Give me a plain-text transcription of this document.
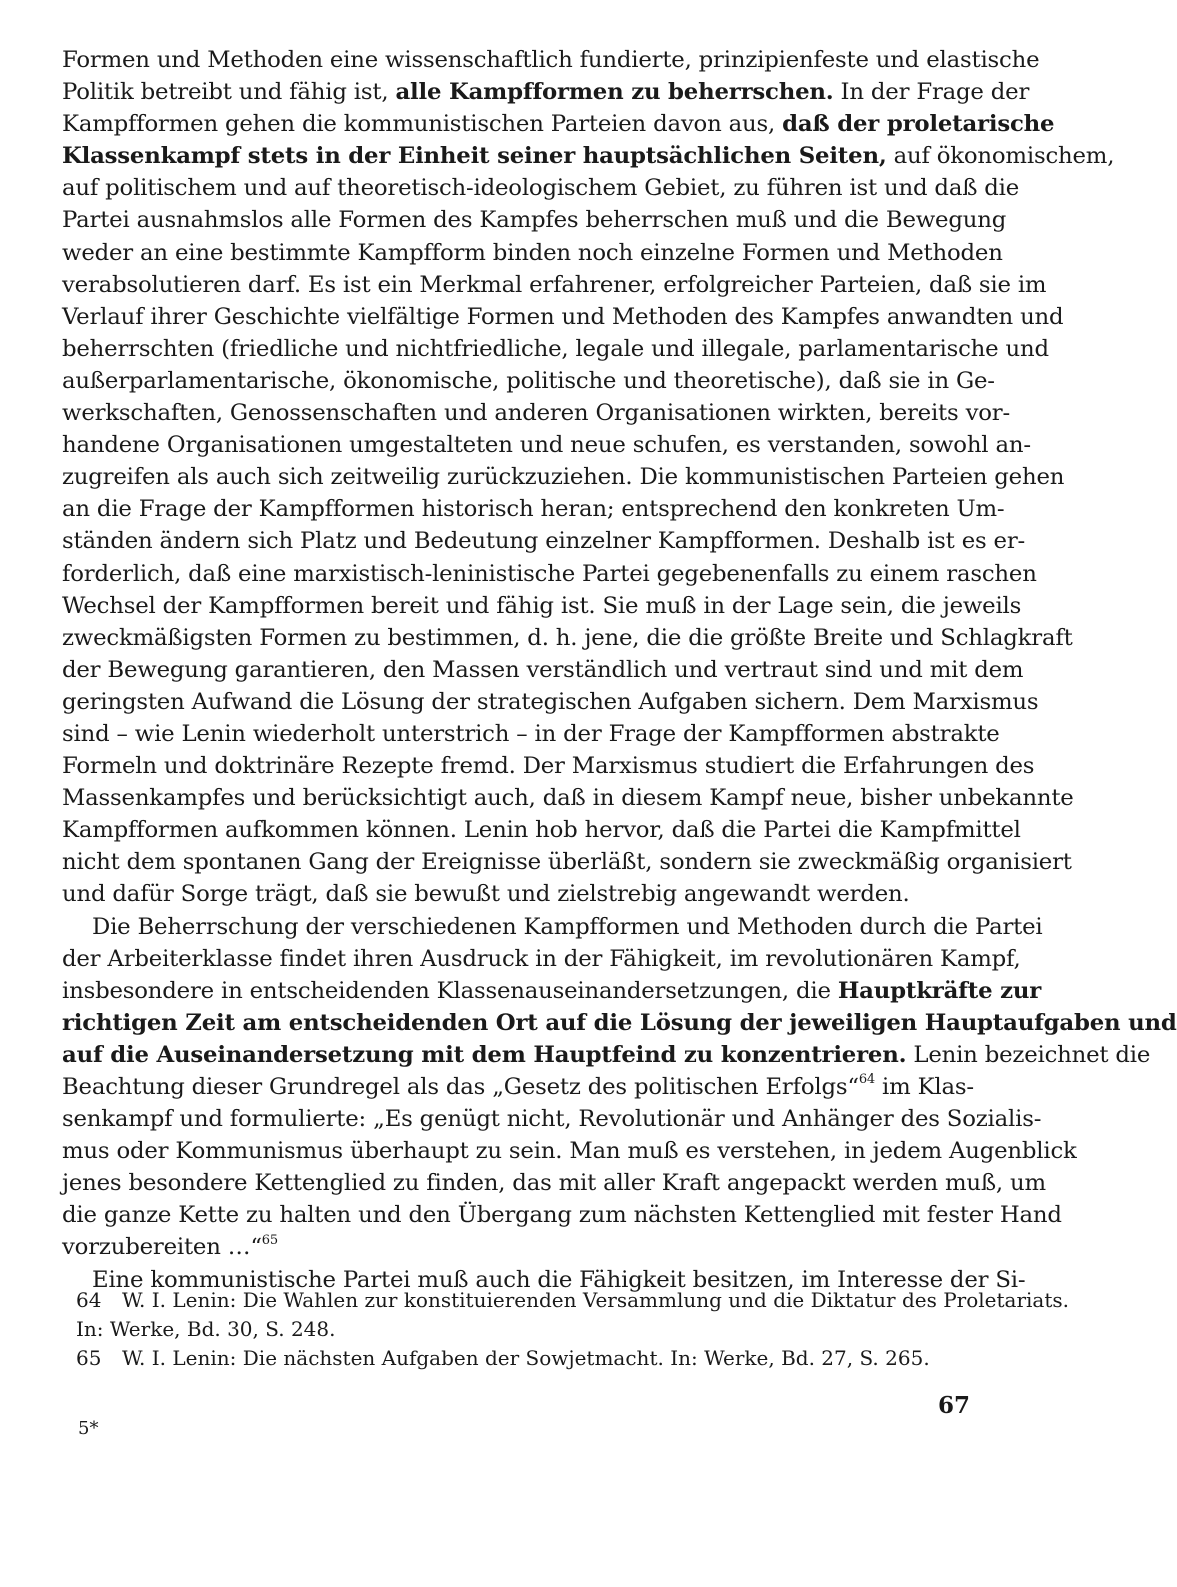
Formen und Methoden eine wissenschaftlich fundierte, prinzipienfeste und elastische
Politik betreibt und fähig ist, alle Kampfformen zu beherrschen. In der Frage der
Kampfformen gehen die kommunistischen Parteien davon aus, daß der proletarische
Klassenkampf stets in der Einheit seiner hauptsächlichen Seiten, auf ökonomischem,
auf politischem und auf theoretisch-ideologischem Gebiet, zu führen ist und daß die
Partei ausnahmslos alle Formen des Kampfes beherrschen muß und die Bewegung
weder an eine bestimmte Kampfform binden noch einzelne Formen und Methoden
verabsolutieren darf. Es ist ein Merkmal erfahrener, erfolgreicher Parteien, daß sie im
Verlauf ihrer Geschichte vielfältige Formen und Methoden des Kampfes anwandten und
beherrschten (friedliche und nichtfriedliche, legale und illegale, parlamentarische und
außerparlamentarische, ökonomische, politische und theoretische), daß sie in Ge-
werkschaften, Genossenschaften und anderen Organisationen wirkten, bereits vor-
handene Organisationen umgestalteten und neue schufen, es verstanden, sowohl an-
zugreifen als auch sich zeitweilig zurückzuziehen. Die kommunistischen Parteien gehen
an die Frage der Kampfformen historisch heran; entsprechend den konkreten Um-
ständen ändern sich Platz und Bedeutung einzelner Kampfformen. Deshalb ist es er-
forderlich, daß eine marxistisch-leninistische Partei gegebenenfalls zu einem raschen
Wechsel der Kampfformen bereit und fähig ist. Sie muß in der Lage sein, die jeweils
zweckmäßigsten Formen zu bestimmen, d. h. jene, die die größte Breite und Schlagkraft
der Bewegung garantieren, den Massen verständlich und vertraut sind und mit dem
geringsten Aufwand die Lösung der strategischen Aufgaben sichern. Dem Marxismus
sind – wie Lenin wiederholt unterstrich – in der Frage der Kampfformen abstrakte
Formeln und doktrinäre Rezepte fremd. Der Marxismus studiert die Erfahrungen des
Massenkampfes und berücksichtigt auch, daß in diesem Kampf neue, bisher unbekannte
Kampfformen aufkommen können. Lenin hob hervor, daß die Partei die Kampfmittel
nicht dem spontanen Gang der Ereignisse überläßt, sondern sie zweckmäßig organisiert
und dafür Sorge trägt, daß sie bewußt und zielstrebig angewandt werden.
Die Beherrschung der verschiedenen Kampfformen und Methoden durch die Partei
der Arbeiterklasse findet ihren Ausdruck in der Fähigkeit, im revolutionären Kampf,
insbesondere in entscheidenden Klassenauseinandersetzungen, die Hauptkräfte zur
richtigen Zeit am entscheidenden Ort auf die Lösung der jeweiligen Hauptaufgaben und
auf die Auseinandersetzung mit dem Hauptfeind zu konzentrieren. Lenin bezeichnet die
Beachtung dieser Grundregel als das „Gesetz des politischen Erfolgs“$^{64}$ im Klas-
senkampf und formulierte: „Es genügt nicht, Revolutionär und Anhänger des Sozialis-
mus oder Kommunismus überhaupt zu sein. Man muß es verstehen, in jedem Augenblick
jenes besondere Kettenglied zu finden, das mit aller Kraft angepackt werden muß, um
die ganze Kette zu halten und den Übergang zum nächsten Kettenglied mit fester Hand
vorzubereiten …“$^{65}$
Eine kommunistische Partei muß auch die Fähigkeit besitzen, im Interesse der Si-
64 W. I. Lenin: Die Wahlen zur konstituierenden Versammlung und die Diktatur des Proletariats.
In: Werke, Bd. 30, S. 248.
65 W. I. Lenin: Die nächsten Aufgaben der Sowjetmacht. In: Werke, Bd. 27, S. 265.
67
5*
